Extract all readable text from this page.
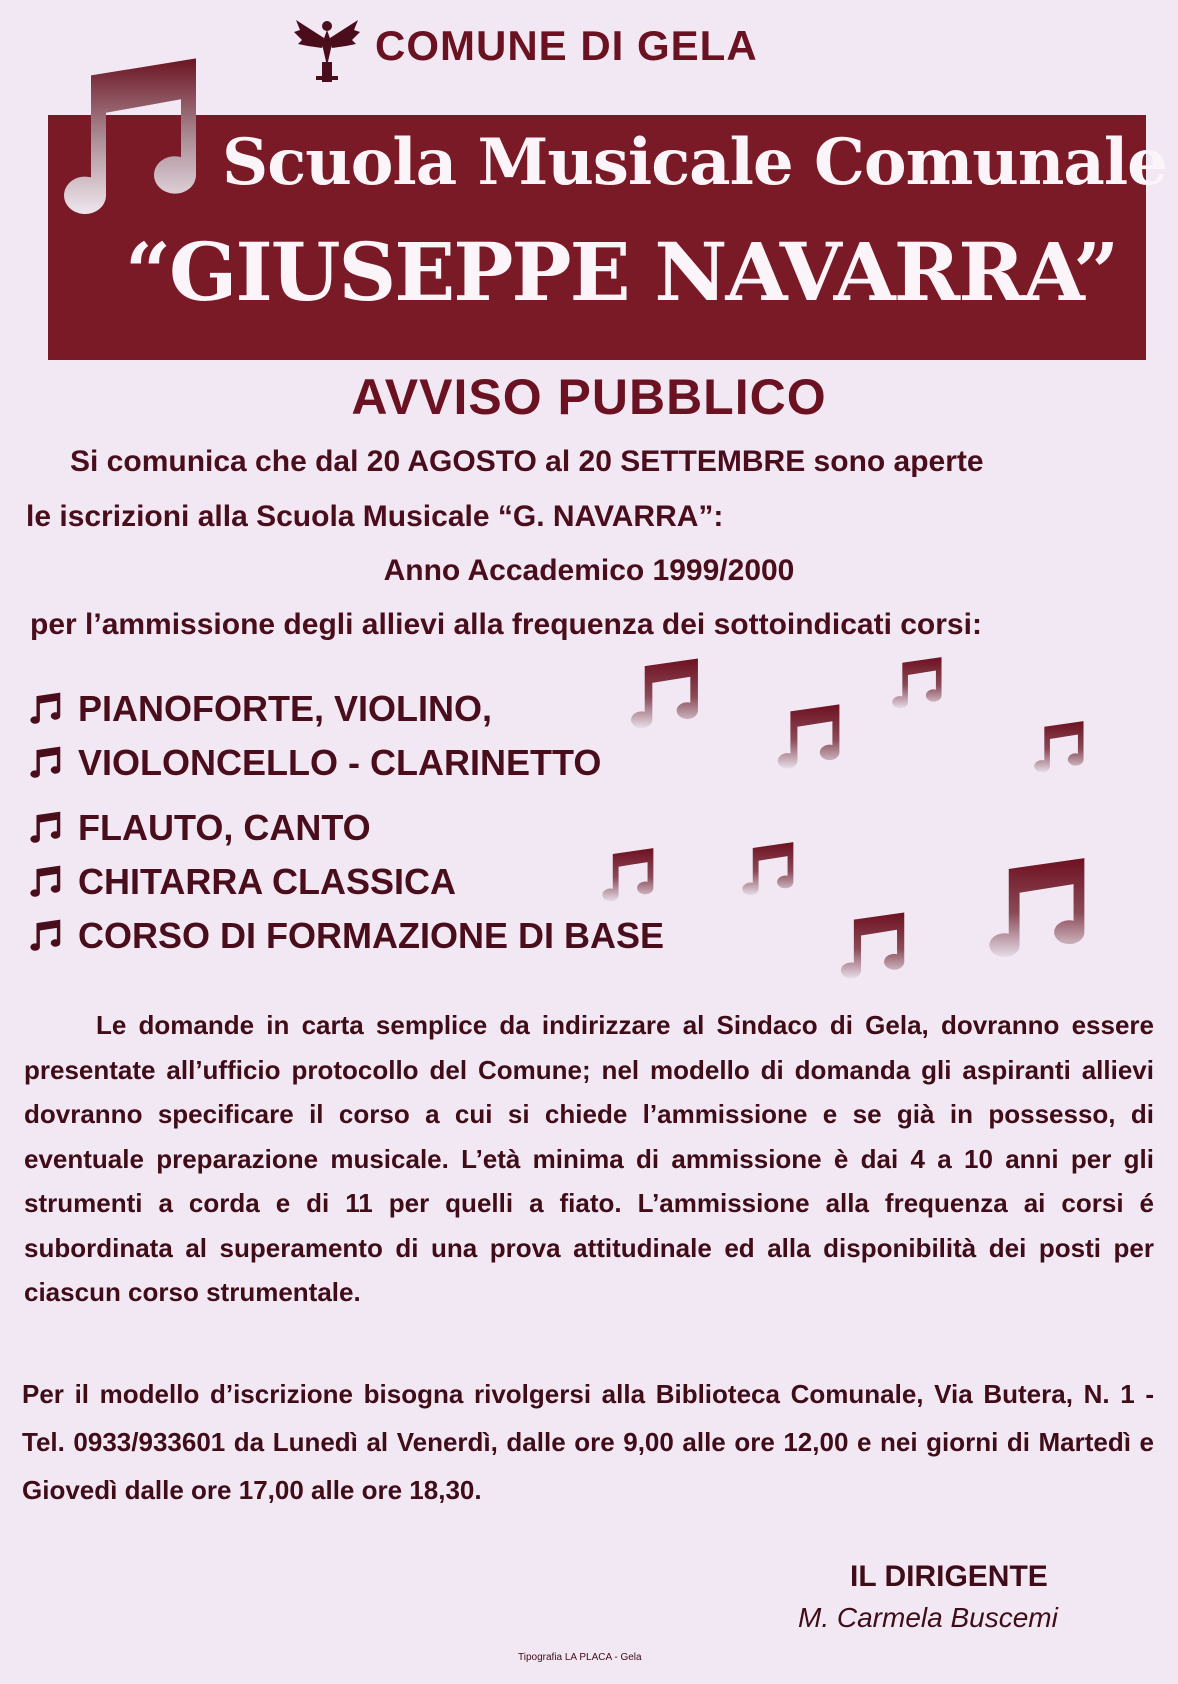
COMUNE DI GELA
Scuola Musicale Comunale
“GIUSEPPE NAVARRA”
AVVISO PUBBLICO
Si comunica che dal 20 AGOSTO al 20 SETTEMBRE sono aperte
le iscrizioni alla Scuola Musicale “G. NAVARRA”:
Anno Accademico 1999/2000
per l’ammissione degli allievi alla frequenza dei sottoindicati corsi:
PIANOFORTE, VIOLINO,
VIOLONCELLO - CLARINETTO
FLAUTO, CANTO
CHITARRA CLASSICA
CORSO DI FORMAZIONE DI BASE
Le domande in carta semplice da indirizzare al Sindaco di Gela, dovranno essere presentate all’ufficio protocollo del Comune; nel modello di domanda gli aspiranti allievi dovranno specificare il corso a cui si chiede l’ammissione e se già in possesso, di eventuale preparazione musicale. L’età minima di ammissione è dai 4 a 10 anni per gli strumenti a corda e di 11 per quelli a fiato. L’ammissione alla frequenza ai corsi é subordinata al superamento di una prova attitudinale ed alla disponibilità dei posti per ciascun corso strumentale.
Per il modello d’iscrizione bisogna rivolgersi alla Biblioteca Comunale, Via Butera, N. 1 - Tel. 0933/933601 da Lunedì al Venerdì, dalle ore 9,00 alle ore 12,00 e nei giorni di Martedì e Giovedì dalle ore 17,00 alle ore 18,30.
IL DIRIGENTE
M. Carmela Buscemi
Tipografia LA PLACA - Gela
